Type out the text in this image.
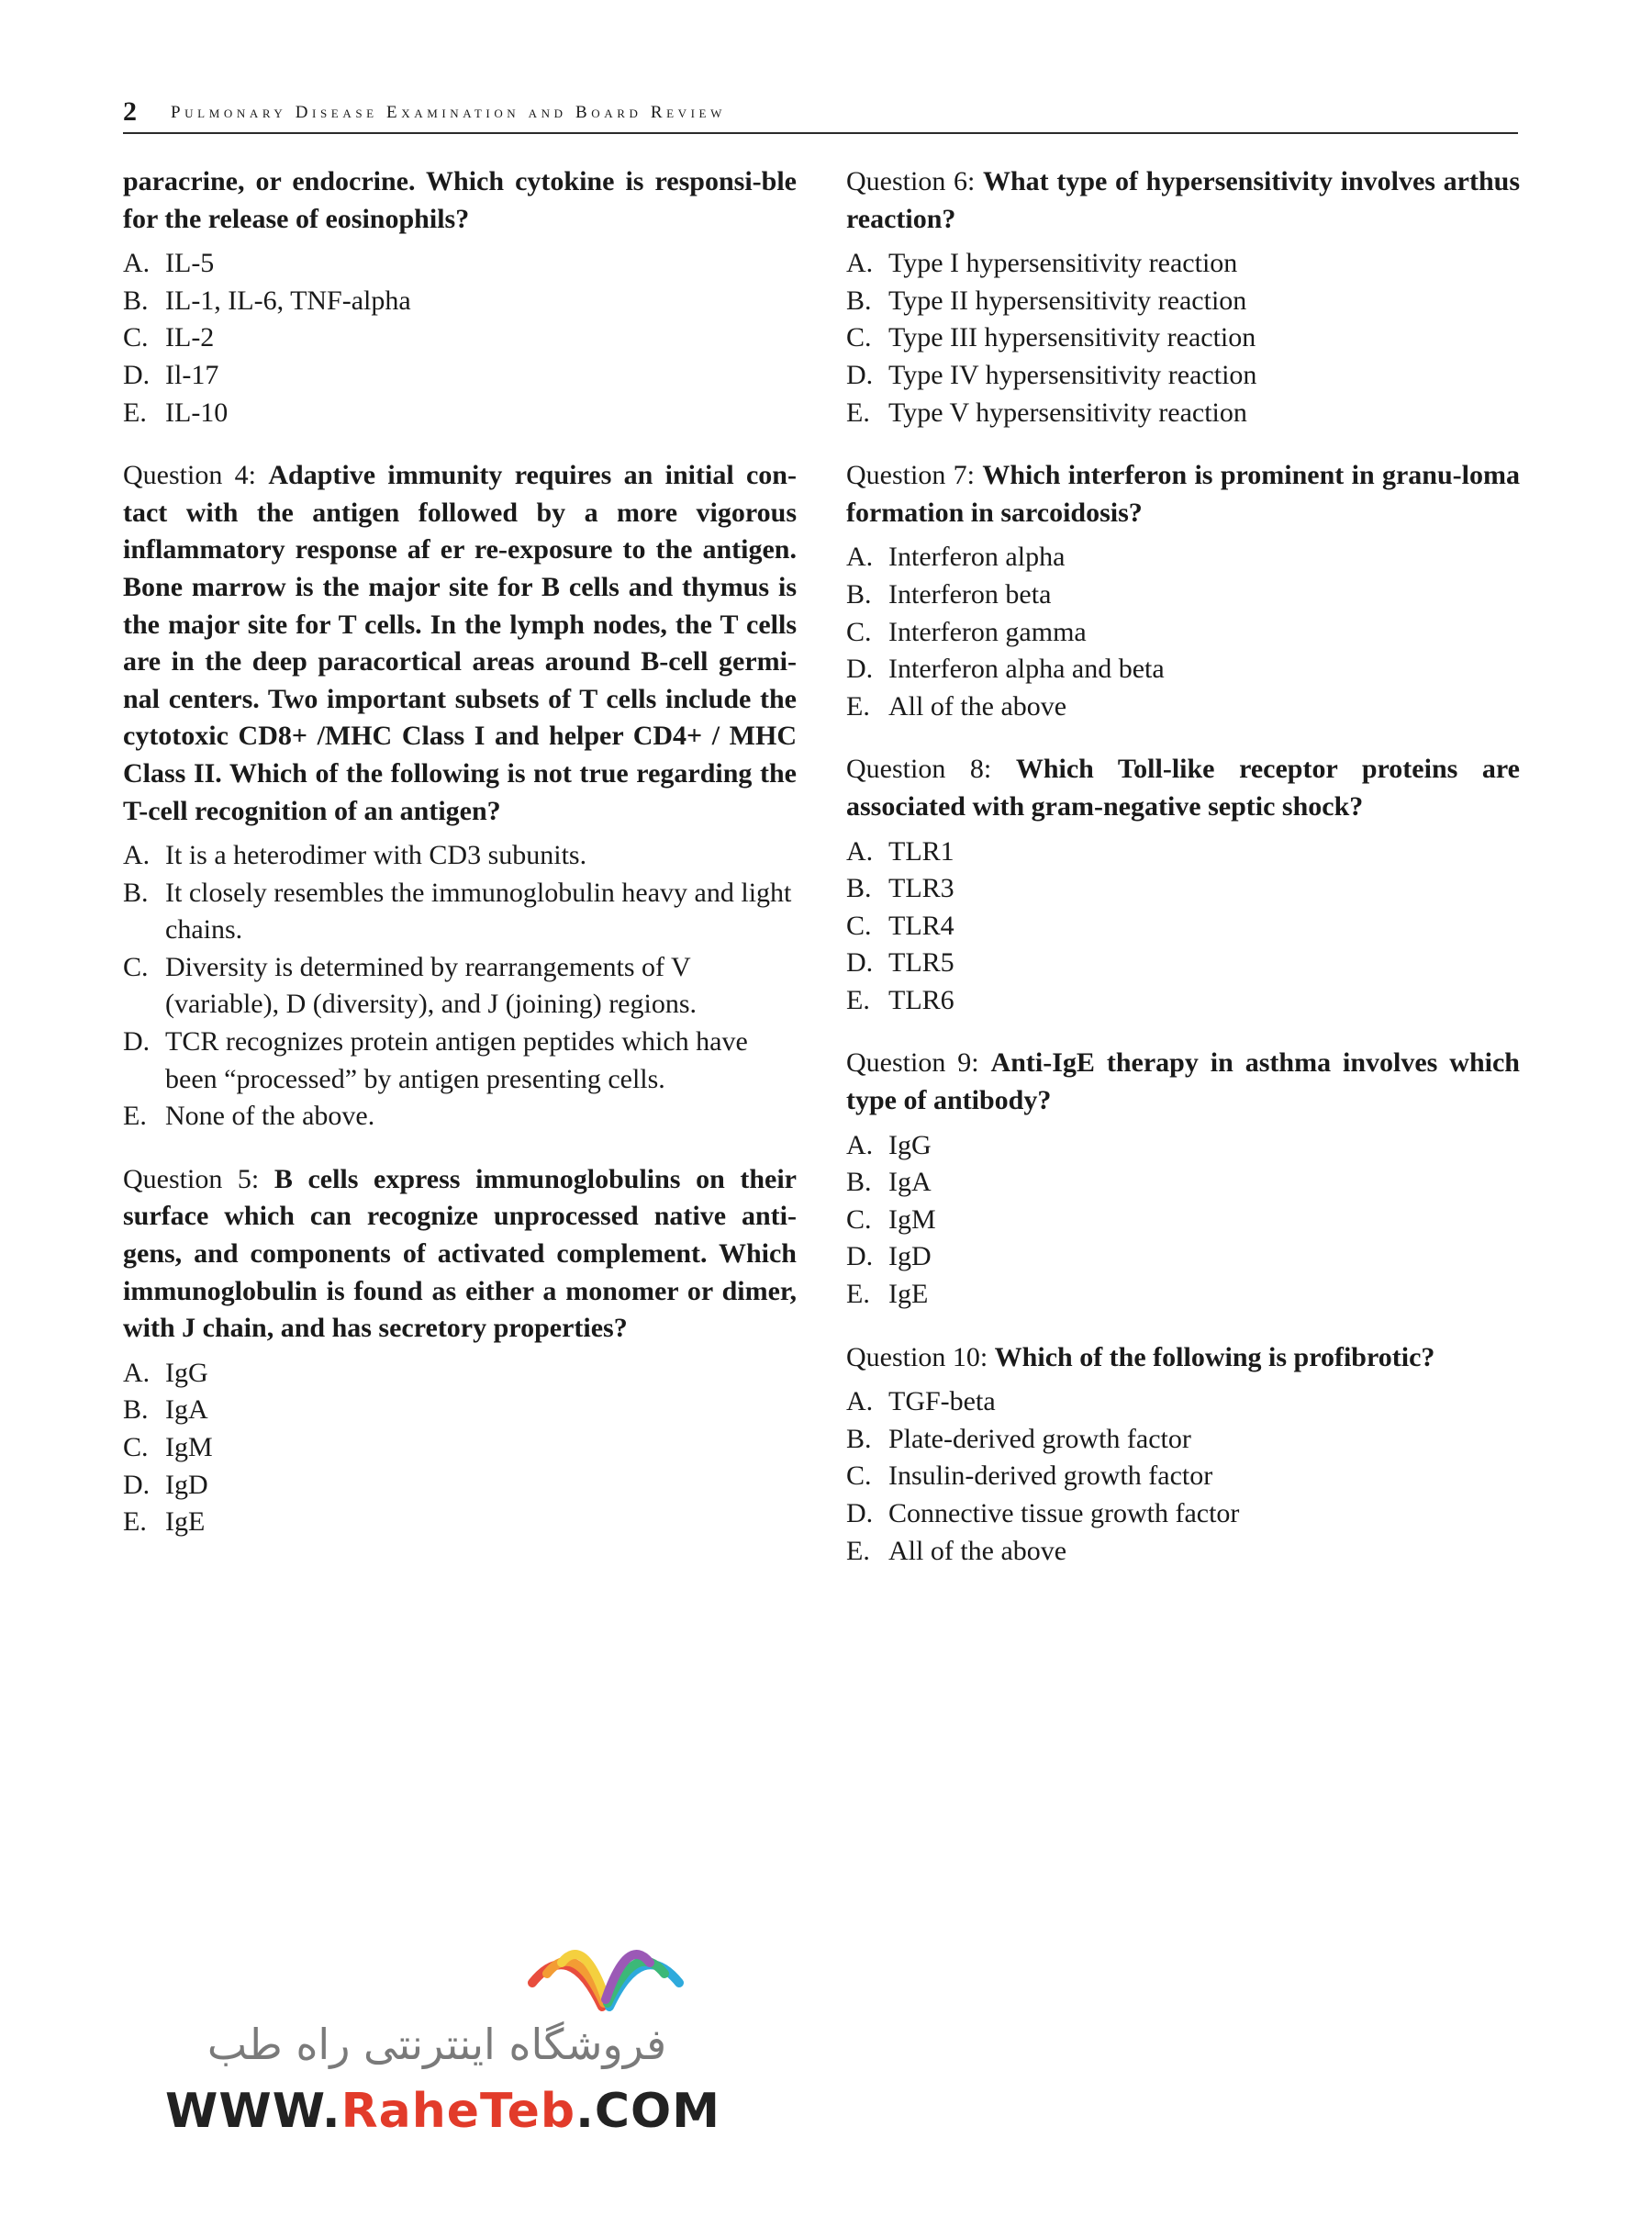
2 Pulmonary Disease Examination and Board Review

paracrine, or endocrine. Which cytokine is responsi-ble for the release of eosinophils?

A. IL-5
B. IL-1, IL-6, TNF-alpha
C. IL-2
D. Il-17
E. IL-10

Question 4: Adaptive immunity requires an initial con-tact with the antigen followed by a more vigorous inflammatory response af er re-exposure to the antigen. Bone marrow is the major site for B cells and thymus is the major site for T cells. In the lymph nodes, the T cells are in the deep paracortical areas around B-cell germi-nal centers. Two important subsets of T cells include the cytotoxic CD8+ /MHC Class I and helper CD4+ / MHC Class II. Which of the following is not true regarding the T-cell recognition of an antigen?

A. It is a heterodimer with CD3 subunits.
B. It closely resembles the immunoglobulin heavy and light chains.
C. Diversity is determined by rearrangements of V (variable), D (diversity), and J (joining) regions.
D. TCR recognizes protein antigen peptides which have been “processed” by antigen presenting cells.
E. None of the above.

Question 5: B cells express immunoglobulins on their surface which can recognize unprocessed native anti-gens, and components of activated complement. Which immunoglobulin is found as either a monomer or dimer, with J chain, and has secretory properties?

A. IgG
B. IgA
C. IgM
D. IgD
E. IgE

Question 6: What type of hypersensitivity involves arthus reaction?

A. Type I hypersensitivity reaction
B. Type II hypersensitivity reaction
C. Type III hypersensitivity reaction
D. Type IV hypersensitivity reaction
E. Type V hypersensitivity reaction

Question 7: Which interferon is prominent in granu-loma formation in sarcoidosis?

A. Interferon alpha
B. Interferon beta
C. Interferon gamma
D. Interferon alpha and beta
E. All of the above

Question 8: Which Toll-like receptor proteins are associated with gram-negative septic shock?

A. TLR1
B. TLR3
C. TLR4
D. TLR5
E. TLR6

Question 9: Anti-IgE therapy in asthma involves which type of antibody?

A. IgG
B. IgA
C. IgM
D. IgD
E. IgE

Question 10: Which of the following is profibrotic?

A. TGF-beta
B. Plate-derived growth factor
C. Insulin-derived growth factor
D. Connective tissue growth factor
E. All of the above
فروشگاه اینترنتی راه طب
WWW.RaheTeb.COM
